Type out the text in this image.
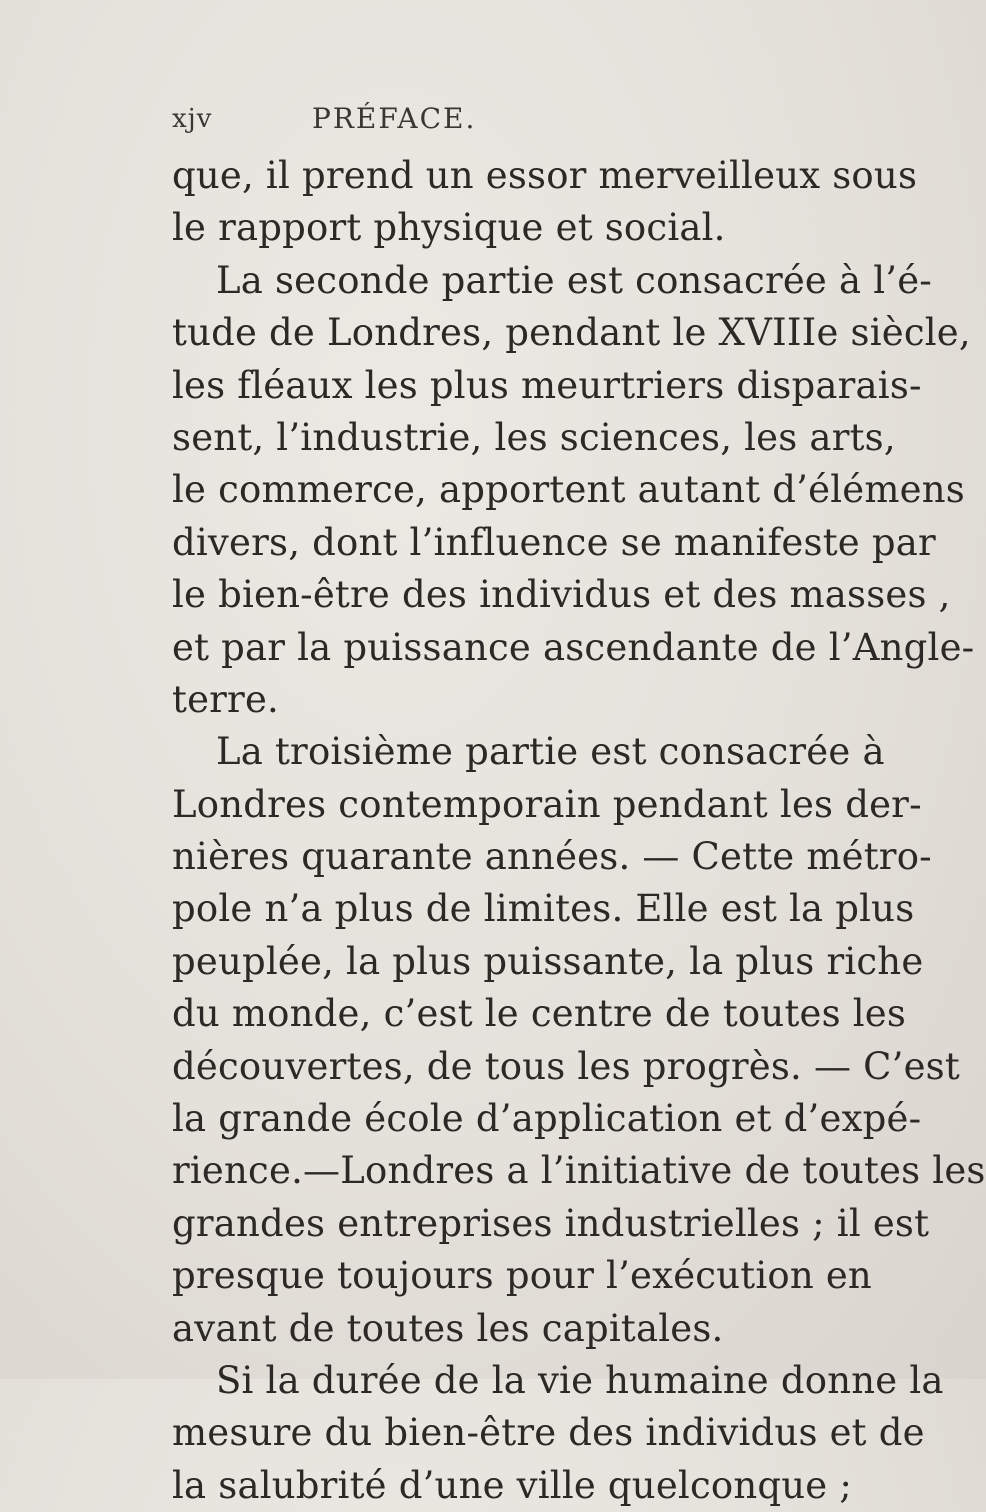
xjv	PRÉFACE.
que, il prend un essor merveilleux sous
le rapport physique et social.
La seconde partie est consacrée à l’é-
tude de Londres, pendant le XVIIIe siècle,
les fléaux les plus meurtriers disparais-
sent, l’industrie, les sciences, les arts,
le commerce, apportent autant d’élémens
divers, dont l’influence se manifeste par
le bien-être des individus et des masses ,
et par la puissance ascendante de l’Angle-
terre.
La troisième partie est consacrée à
Londres contemporain pendant les der-
nières quarante années. — Cette métro-
pole n’a plus de limites. Elle est la plus
peuplée, la plus puissante, la plus riche
du monde, c’est le centre de toutes les
découvertes, de tous les progrès. — C’est
la grande école d’application et d’expé-
rience.—Londres a l’initiative de toutes les
grandes entreprises industrielles ; il est
presque toujours pour l’exécution en
avant de toutes les capitales.
Si la durée de la vie humaine donne la
mesure du bien-être des individus et de
la salubrité d’une ville quelconque ;
